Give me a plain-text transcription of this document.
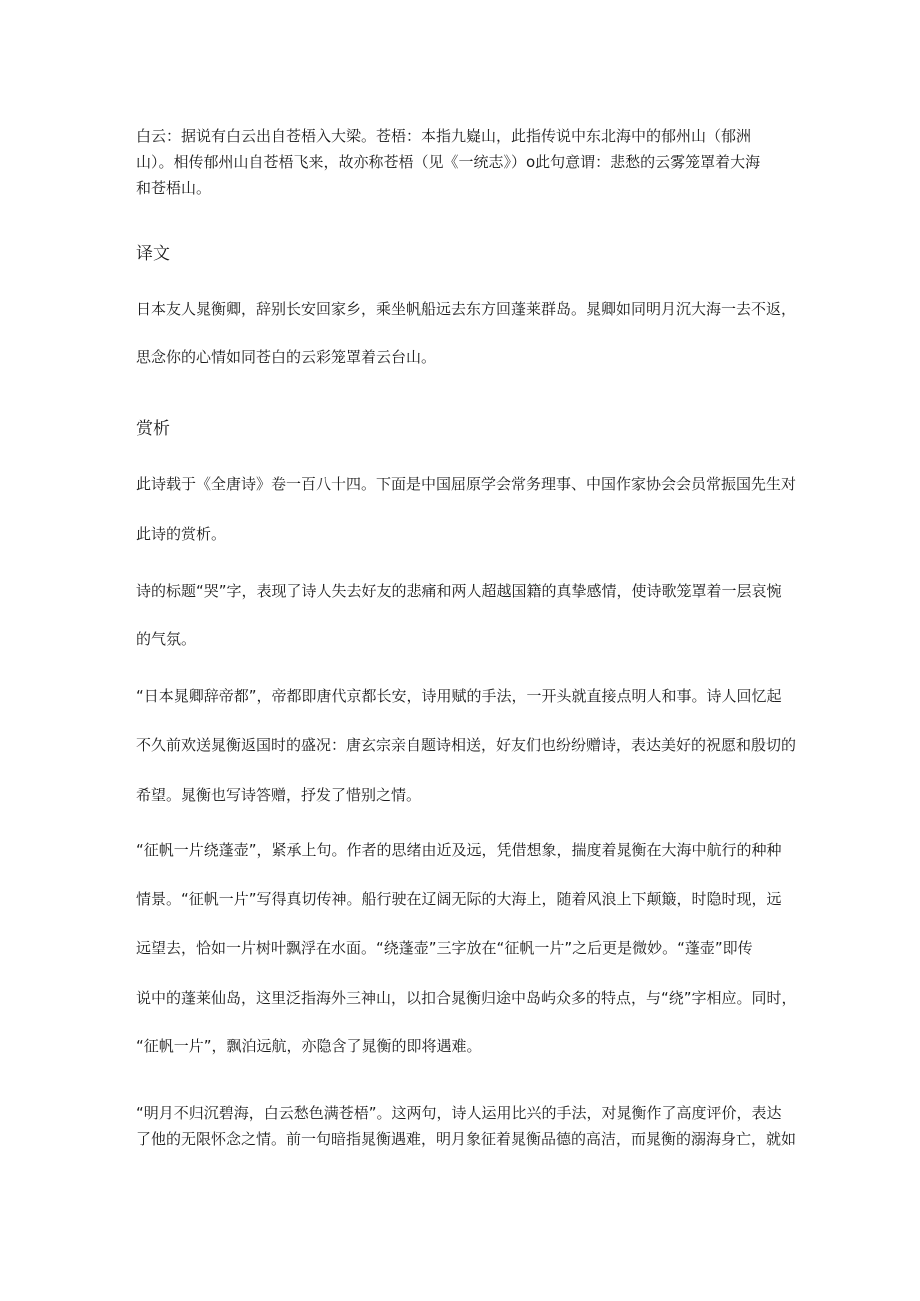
白云：据说有白云出自苍梧入大梁。苍梧：本指九嶷山，此指传说中东北海中的郁州山（郁洲
山）。相传郁州山自苍梧飞来，故亦称苍梧（见《一统志》）o此句意谓：悲愁的云雾笼罩着大海
和苍梧山。
译文
日本友人晁衡卿，辞别长安回家乡，乘坐帆船远去东方回蓬莱群岛。晁卿如同明月沉大海一去不返，
思念你的心情如同苍白的云彩笼罩着云台山。
赏析
此诗载于《全唐诗》卷一百八十四。下面是中国屈原学会常务理事、中国作家协会会员常振国先生对
此诗的赏析。
诗的标题“哭”字，表现了诗人失去好友的悲痛和两人超越国籍的真挚感情，使诗歌笼罩着一层哀惋
的气氛。
“日本晁卿辞帝都”，帝都即唐代京都长安，诗用赋的手法，一开头就直接点明人和事。诗人回忆起
不久前欢送晁衡返国时的盛况：唐玄宗亲自题诗相送，好友们也纷纷赠诗，表达美好的祝愿和殷切的
希望。晁衡也写诗答赠，抒发了惜别之情。
“征帆一片绕蓬壶”，紧承上句。作者的思绪由近及远，凭借想象，揣度着晁衡在大海中航行的种种
情景。“征帆一片”写得真切传神。船行驶在辽阔无际的大海上，随着风浪上下颠簸，时隐时现，远
远望去，恰如一片树叶飘浮在水面。“绕蓬壶”三字放在“征帆一片”之后更是微妙。“蓬壶”即传
说中的蓬莱仙岛，这里泛指海外三神山，以扣合晁衡归途中岛屿众多的特点，与“绕”字相应。同时，
“征帆一片”，飘泊远航，亦隐含了晁衡的即将遇难。
“明月不归沉碧海，白云愁色满苍梧”。这两句，诗人运用比兴的手法，对晁衡作了高度评价，表达
了他的无限怀念之情。前一句暗指晁衡遇难，明月象征着晁衡品德的高洁，而晁衡的溺海身亡，就如
